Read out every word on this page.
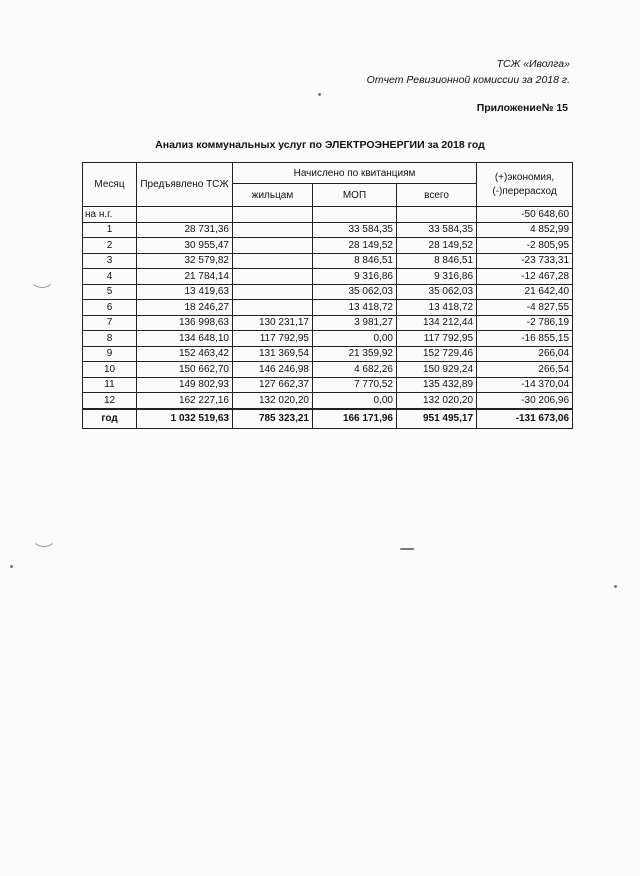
ТСЖ «Иволга»
Отчет Ревизионной комиссии за 2018 г.
Приложение№ 15
Анализ коммунальных услуг по ЭЛЕКТРОЭНЕРГИИ за 2018 год
Месяц	Предъявлено ТСЖ	Начислено по квитанциям			(+)экономия,
(-)перерасход
		жильцам	МОП	всего	
на н.г.					-50 648,60
1	28 731,36		33 584,35	33 584,35	4 852,99
2	30 955,47		28 149,52	28 149,52	-2 805,95
3	32 579,82		8 846,51	8 846,51	-23 733,31
4	21 784,14		9 316,86	9 316,86	-12 467,28
5	13 419,63		35 062,03	35 062,03	21 642,40
6	18 246,27		13 418,72	13 418,72	-4 827,55
7	136 998,63	130 231,17	3 981,27	134 212,44	-2 786,19
8	134 648,10	117 792,95	0,00	117 792,95	-16 855,15
9	152 463,42	131 369,54	21 359,92	152 729,46	266,04
10	150 662,70	146 246,98	4 682,26	150 929,24	266,54
11	149 802,93	127 662,37	7 770,52	135 432,89	-14 370,04
12	162 227,16	132 020,20	0,00	132 020,20	-30 206,96
год	1 032 519,63	785 323,21	166 171,96	951 495,17	-131 673,06
